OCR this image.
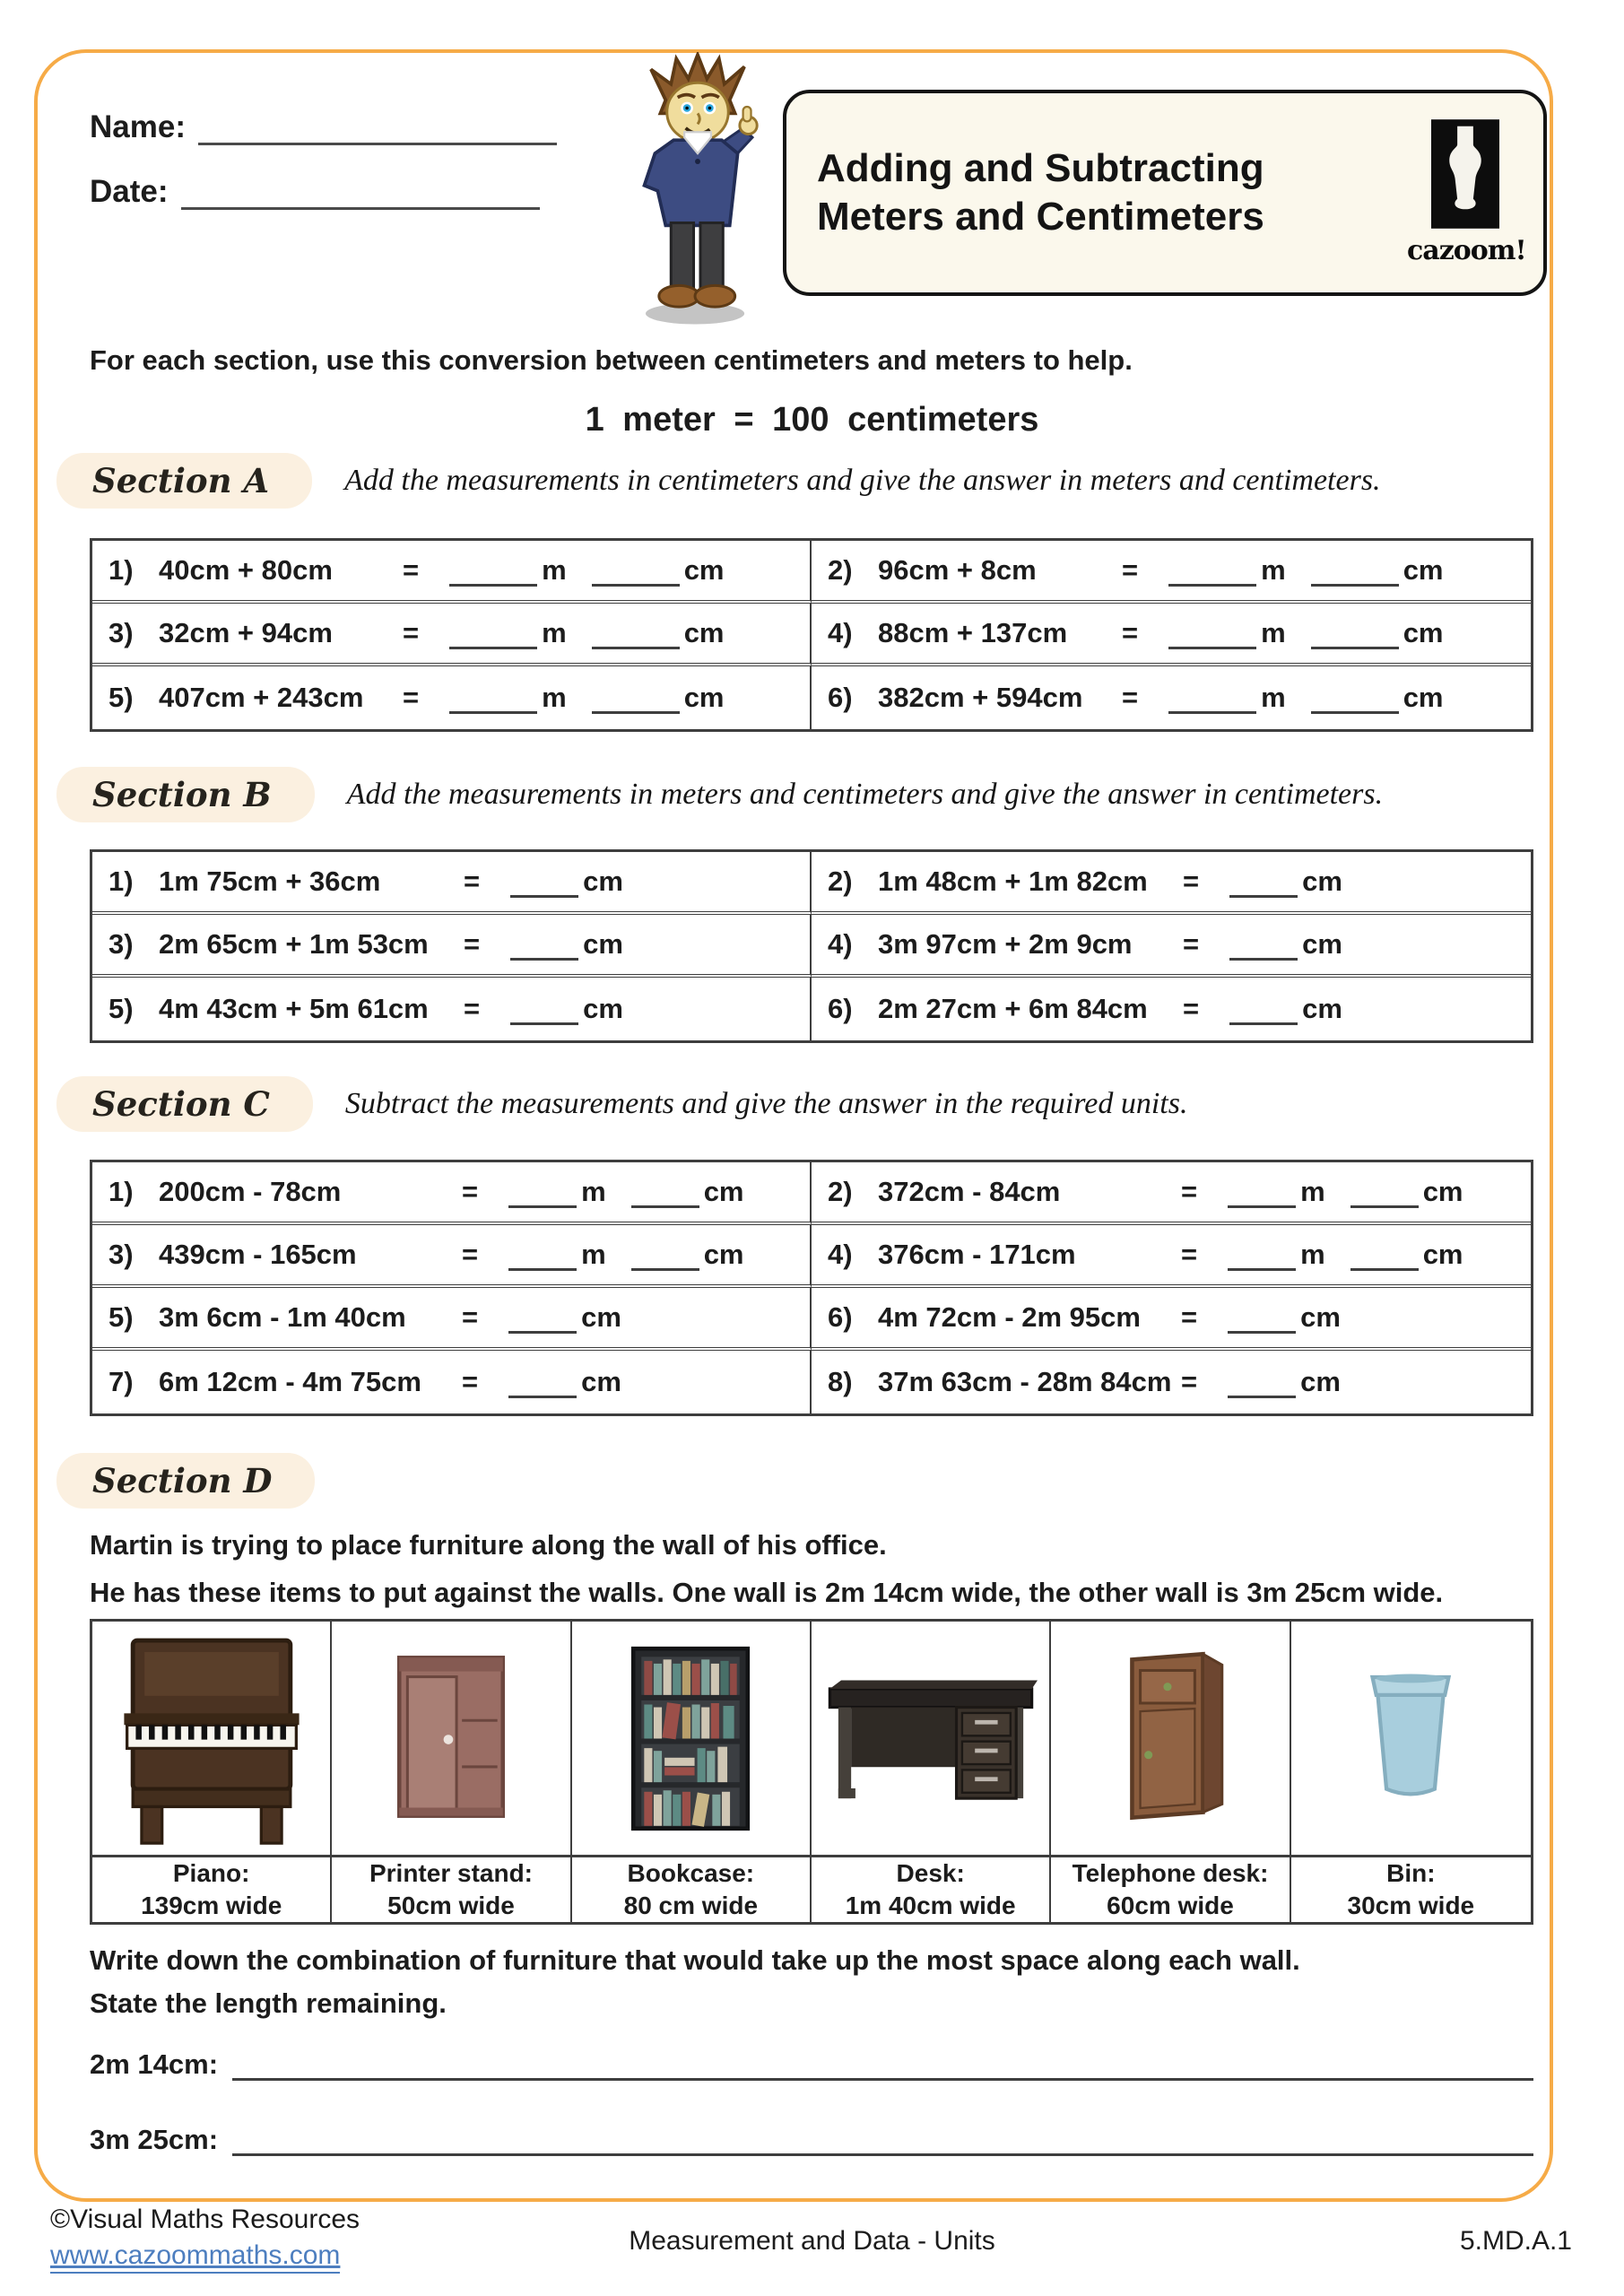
Name:
Date:
Adding and Subtracting
Meters and Centimeters
cazoom!
For each section, use this conversion between centimeters and meters to help.
1 meter = 100 centimeters
Section A	Add the measurements in centimeters and give the answer in meters and centimeters.
1) 40cm + 80cm	=	m	cm	2) 96cm + 8cm	=	m	cm
3) 32cm + 94cm	=	m	cm	4) 88cm + 137cm	=	m	cm
5) 407cm + 243cm	=	m	cm	6) 382cm + 594cm	=	m	cm
Section B	Add the measurements in meters and centimeters and give the answer in centimeters.
1) 1m 75cm + 36cm	=	cm	2) 1m 48cm + 1m 82cm	=	cm
3) 2m 65cm + 1m 53cm	=	cm	4) 3m 97cm + 2m 9cm	=	cm
5) 4m 43cm + 5m 61cm	=	cm	6) 2m 27cm + 6m 84cm	=	cm
Section C	Subtract the measurements and give the answer in the required units.
1) 200cm - 78cm	=	m	cm	2) 372cm - 84cm	=	m	cm
3) 439cm - 165cm	=	m	cm	4) 376cm - 171cm	=	m	cm
5) 3m 6cm - 1m 40cm	=	cm	6) 4m 72cm - 2m 95cm	=	cm
7) 6m 12cm - 4m 75cm	=	cm	8) 37m 63cm - 28m 84cm =	cm
Section D
Martin is trying to place furniture along the wall of his office.
He has these items to put against the walls. One wall is 2m 14cm wide, the other wall is 3m 25cm wide.
Piano:
139cm wide
Printer stand:
50cm wide
Bookcase:
80 cm wide
Desk:
1m 40cm wide
Telephone desk:
60cm wide
Bin:
30cm wide
Write down the combination of furniture that would take up the most space along each wall.
State the length remaining.
©Visual Maths Resources
www.cazoommaths.com	Measurement and Data - Units	5.MD.A.1
2m 14cm:
3m 25cm:
